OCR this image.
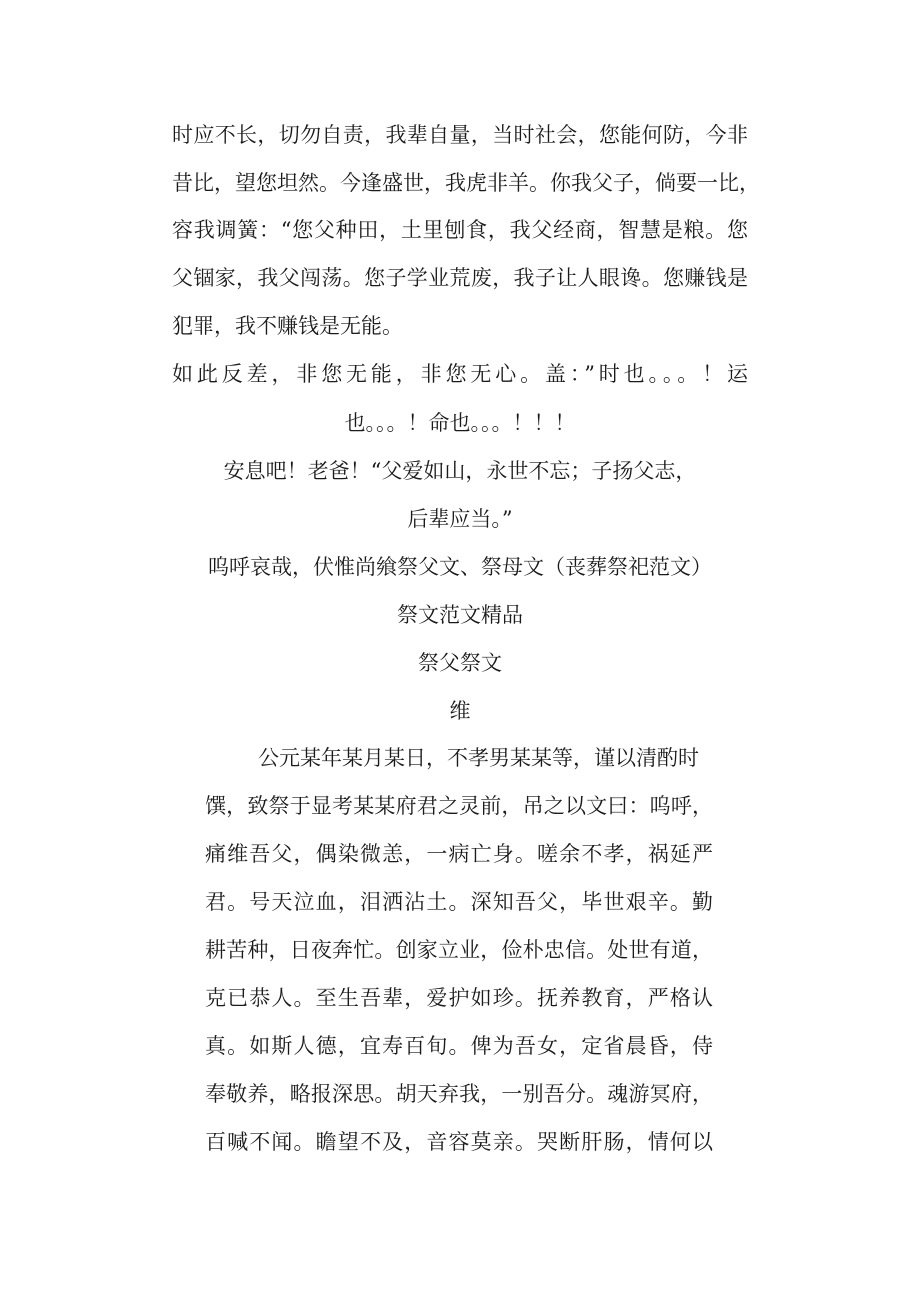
时应不长，切勿自责，我辈自量，当时社会，您能何防，今非

昔比，望您坦然。今逢盛世，我虎非羊。你我父子，倘要一比，

容我调簧：“您父种田，土里刨食，我父经商，智慧是粮。您

父锢家，我父闯荡。您子学业荒废，我子让人眼谗。您赚钱是

犯罪，我不赚钱是无能。

如此反差，非您无能，非您无心。盖：”时也。。。！运

也。。。！命也。。。！！！

安息吧！老爸！“父爱如山，永世不忘；子扬父志，

后辈应当。”

呜呼哀哉，伏惟尚飨祭父文、祭母文（丧葬祭祀范文）

祭文范文精品

祭父祭文

维

公元某年某月某日，不孝男某某等，谨以清酌时

馔，致祭于显考某某府君之灵前，吊之以文曰：呜呼，

痛维吾父，偶染微恙，一病亡身。嗟余不孝，祸延严

君。号天泣血，泪洒沾土。深知吾父，毕世艰辛。勤

耕苦种，日夜奔忙。创家立业，俭朴忠信。处世有道，

克已恭人。至生吾辈，爱护如珍。抚养教育，严格认

真。如斯人德，宜寿百旬。俾为吾女，定省晨昏，侍

奉敬养，略报深思。胡天弃我，一别吾分。魂游冥府，

百喊不闻。瞻望不及，音容莫亲。哭断肝肠，情何以
